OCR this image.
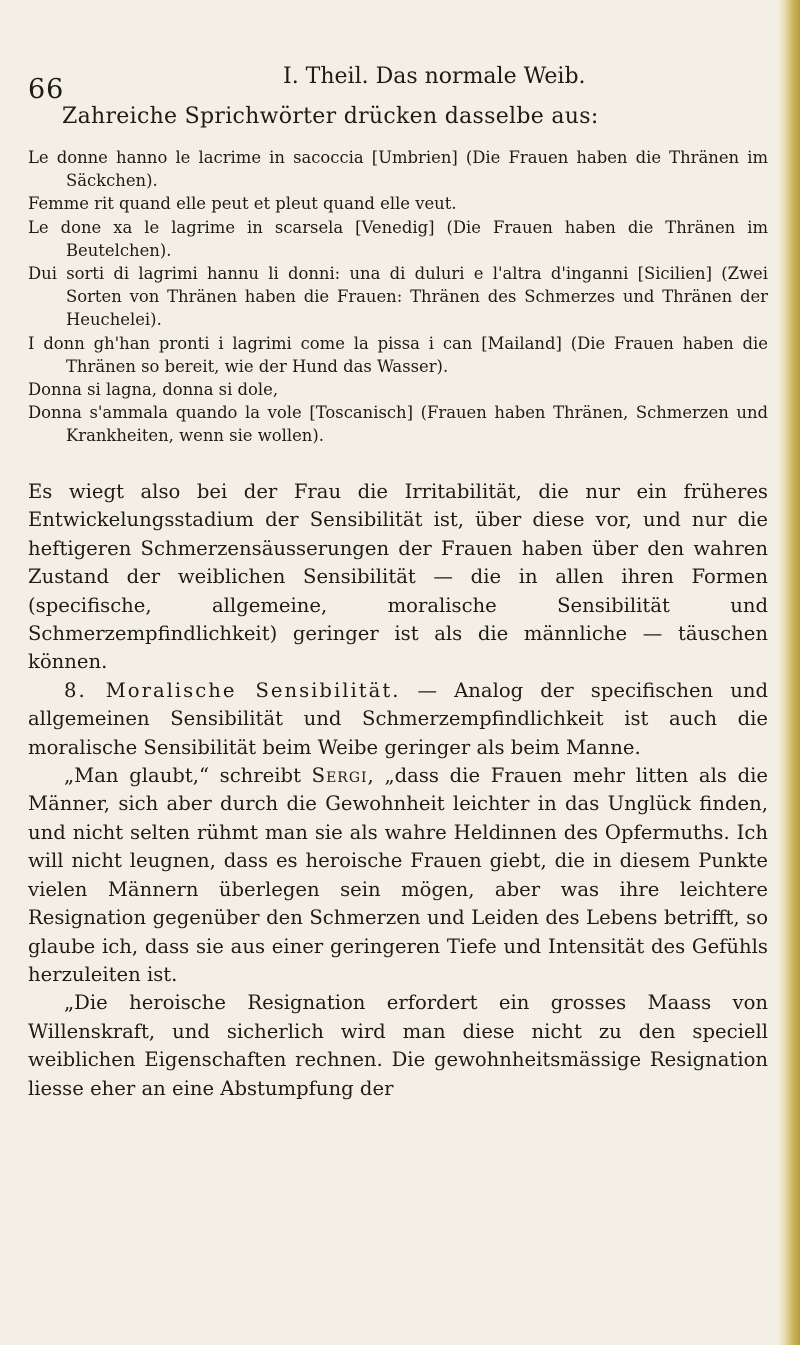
66	I. Theil. Das normale Weib.
Zahreiche Sprichwörter drücken dasselbe aus:
Le donne hanno le lacrime in sacoccia [Umbrien] (Die Frauen haben die Thränen im Säckchen).
Femme rit quand elle peut et pleut quand elle veut.
Le done xa le lagrime in scarsela [Venedig] (Die Frauen haben die Thränen im Beutelchen).
Dui sorti di lagrimi hannu li donni: una di duluri e l'altra d'inganni [Sicilien] (Zwei Sorten von Thränen haben die Frauen: Thränen des Schmerzes und Thränen der Heuchelei).
I donn gh'han pronti i lagrimi come la pissa i can [Mailand] (Die Frauen haben die Thränen so bereit, wie der Hund das Wasser).
Donna si lagna, donna si dole,
Donna s'ammala quando la vole [Toscanisch] (Frauen haben Thränen, Schmerzen und Krankheiten, wenn sie wollen).

Es wiegt also bei der Frau die Irritabilität, die nur ein früheres Entwickelungsstadium der Sensibilität ist, über diese vor, und nur die heftigeren Schmerzensäusserungen der Frauen haben über den wahren Zustand der weiblichen Sensibilität — die in allen ihren Formen (specifische, allgemeine, moralische Sensibilität und Schmerzempfindlichkeit) geringer ist als die männliche — täuschen können.

8. Moralische Sensibilität. — Analog der specifischen und allgemeinen Sensibilität und Schmerzempfindlichkeit ist auch die moralische Sensibilität beim Weibe geringer als beim Manne.

„Man glaubt,“ schreibt Sergi, „dass die Frauen mehr litten als die Männer, sich aber durch die Gewohnheit leichter in das Unglück finden, und nicht selten rühmt man sie als wahre Heldinnen des Opfermuths. Ich will nicht leugnen, dass es heroische Frauen giebt, die in diesem Punkte vielen Männern überlegen sein mögen, aber was ihre leichtere Resignation gegenüber den Schmerzen und Leiden des Lebens betrifft, so glaube ich, dass sie aus einer geringeren Tiefe und Intensität des Gefühls herzuleiten ist.

„Die heroische Resignation erfordert ein grosses Maass von Willenskraft, und sicherlich wird man diese nicht zu den speciell weiblichen Eigenschaften rechnen. Die gewohnheitsmässige Resignation liesse eher an eine Abstumpfung der
